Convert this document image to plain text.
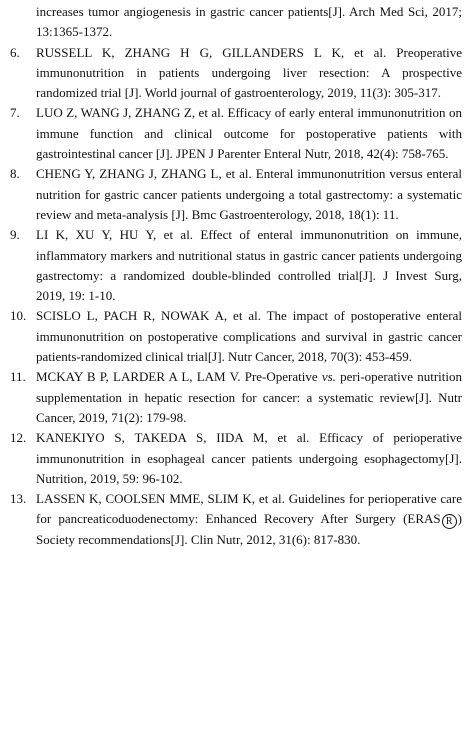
increases tumor angiogenesis in gastric cancer patients[J]. Arch Med Sci, 2017; 13:1365-1372.
6.	RUSSELL K, ZHANG H G, GILLANDERS L K, et al. Preoperative immunonutrition in patients undergoing liver resection: A prospective randomized trial [J]. World journal of gastroenterology, 2019, 11(3): 305-317.
7.	LUO Z, WANG J, ZHANG Z, et al. Efficacy of early enteral immunonutrition on immune function and clinical outcome for postoperative patients with gastrointestinal cancer [J]. JPEN J Parenter Enteral Nutr, 2018, 42(4): 758-765.
8.	CHENG Y, ZHANG J, ZHANG L, et al. Enteral immunonutrition versus enteral nutrition for gastric cancer patients undergoing a total gastrectomy: a systematic review and meta-analysis [J]. Bmc Gastroenterology, 2018, 18(1): 11.
9.	LI K, XU Y, HU Y, et al. Effect of enteral immunonutrition on immune, inflammatory markers and nutritional status in gastric cancer patients undergoing gastrectomy: a randomized double-blinded controlled trial[J]. J Invest Surg, 2019, 19: 1-10.
10. SCISLO L, PACH R, NOWAK A, et al. The impact of postoperative enteral immunonutrition on postoperative complications and survival in gastric cancer patients-randomized clinical trial[J]. Nutr Cancer, 2018, 70(3): 453-459.
11. MCKAY B P, LARDER A L, LAM V. Pre-Operative vs. peri-operative nutrition supplementation in hepatic resection for cancer: a systematic review[J]. Nutr Cancer, 2019, 71(2): 179-98.
12. KANEKIYO S, TAKEDA S, IIDA M, et al. Efficacy of perioperative immunonutrition in esophageal cancer patients undergoing esophagectomy[J]. Nutrition, 2019, 59: 96-102.
13. LASSEN K, COOLSEN MME, SLIM K, et al. Guidelines for perioperative care for pancreaticoduodenectomy: Enhanced Recovery After Surgery (ERAS R ) Society recommendations[J]. Clin Nutr, 2012, 31(6): 817-830.
